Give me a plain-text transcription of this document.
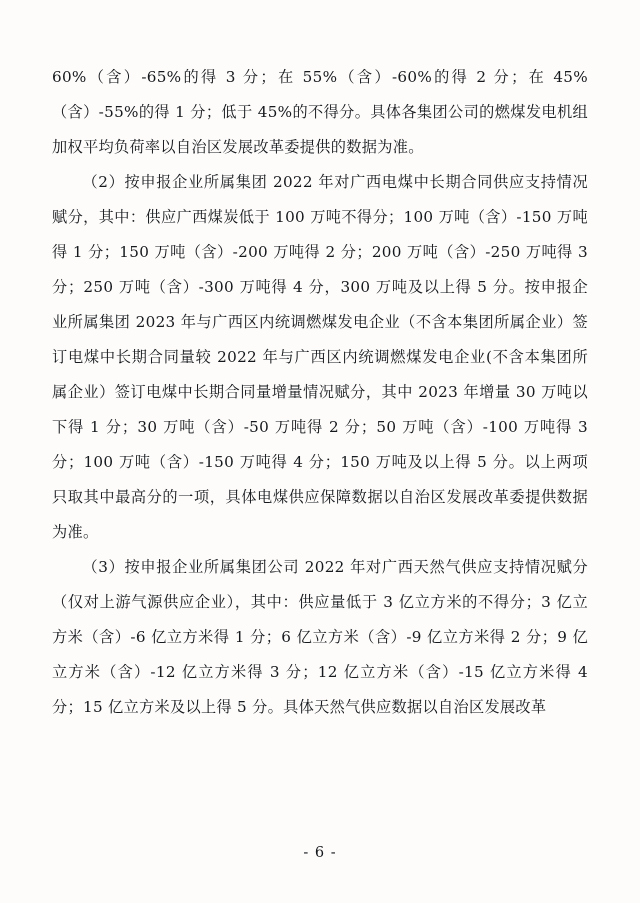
60%（含）-65%的得 3 分；在 55%（含）-60%的得 2 分；在 45%（含）-55%的得 1 分；低于 45%的不得分。具体各集团公司的燃煤发电机组加权平均负荷率以自治区发展改革委提供的数据为准。

（2）按申报企业所属集团 2022 年对广西电煤中长期合同供应支持情况赋分，其中：供应广西煤炭低于 100 万吨不得分；100 万吨（含）-150 万吨得 1 分；150 万吨（含）-200 万吨得 2 分；200 万吨（含）-250 万吨得 3 分；250 万吨（含）-300 万吨得 4 分，300 万吨及以上得 5 分。按申报企业所属集团 2023 年与广西区内统调燃煤发电企业（不含本集团所属企业）签订电煤中长期合同量较 2022 年与广西区内统调燃煤发电企业(不含本集团所属企业）签订电煤中长期合同量增量情况赋分，其中 2023 年增量 30 万吨以下得 1 分；30 万吨（含）-50 万吨得 2 分；50 万吨（含）-100 万吨得 3 分；100 万吨（含）-150 万吨得 4 分；150 万吨及以上得 5 分。以上两项只取其中最高分的一项，具体电煤供应保障数据以自治区发展改革委提供数据为准。

（3）按申报企业所属集团公司 2022 年对广西天然气供应支持情况赋分（仅对上游气源供应企业），其中：供应量低于 3 亿立方米的不得分；3 亿立方米（含）-6 亿立方米得 1 分；6 亿立方米（含）-9 亿立方米得 2 分；9 亿立方米（含）-12 亿立方米得 3 分；12 亿立方米（含）-15 亿立方米得 4 分；15 亿立方米及以上得 5 分。具体天然气供应数据以自治区发展改革

- 6 -
